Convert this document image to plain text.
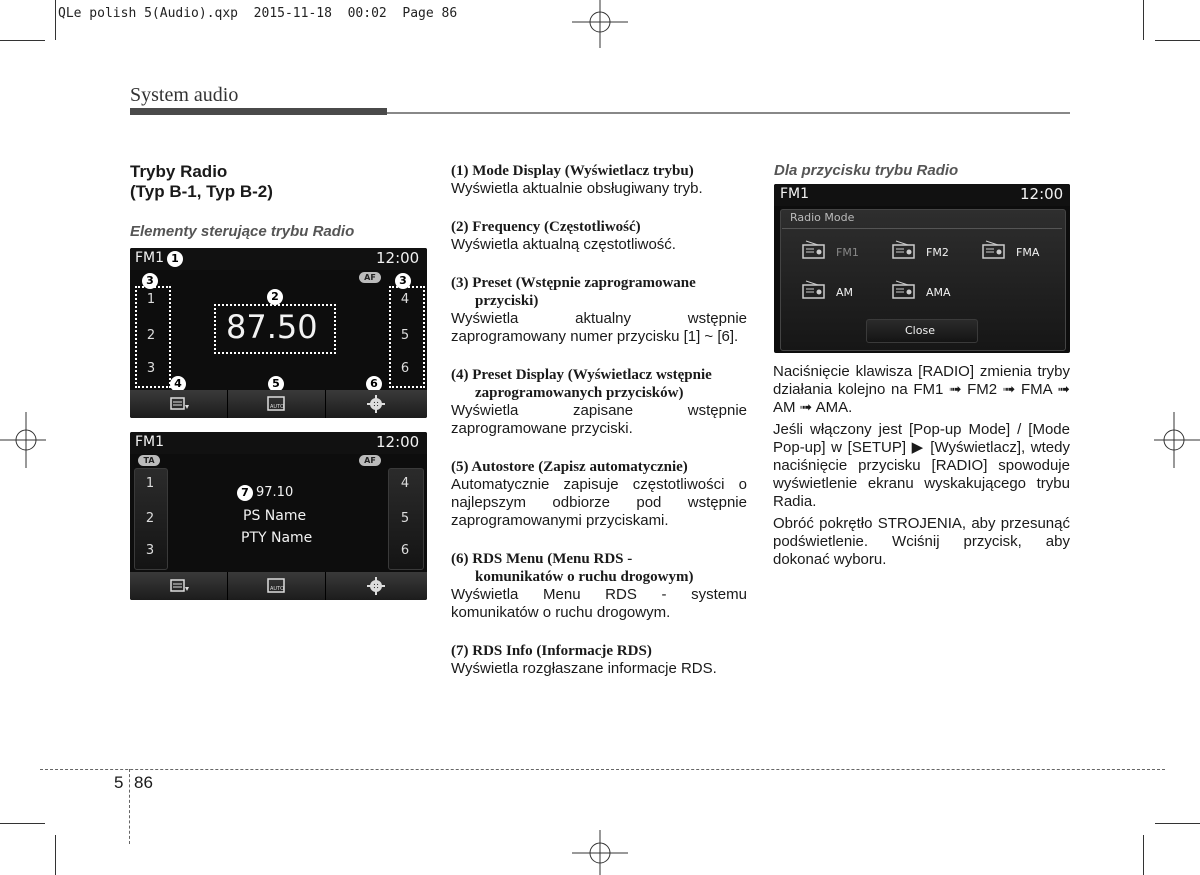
QLe polish 5(Audio).qxp  2015-11-18  00:02  Page 86
System audio
Tryby Radio
(Typ B-1, Typ B-2)
Elementy sterujące trybu Radio
FM1 1	12:00
AF
3	3
1
2
3
4
5
6
2
87.50
4	5	6
AUTO
FM1	12:00
TA	AF
1
2
3
4
5
6
7 97.10
PS Name
PTY Name
AUTO
(1) Mode Display (Wyświetlacz trybu)
Wyświetla aktualnie obsługiwany tryb.
(2) Frequency (Częstotliwość)
Wyświetla aktualną częstotliwość.
(3) Preset (Wstępnie zaprogramowane
przyciski)
Wyświetla aktualny wstępnie zaprogramowany numer przycisku [1] ~ [6].
(4) Preset Display (Wyświetlacz wstępnie
zaprogramowanych przycisków)
Wyświetla zapisane wstępnie zaprogramowane przyciski.
(5) Autostore (Zapisz automatycznie)
Automatycznie zapisuje częstotliwości o najlepszym odbiorze pod wstępnie zaprogramowanymi przyciskami.
(6) RDS Menu (Menu RDS -
komunikatów o ruchu drogowym)
Wyświetla Menu RDS - systemu komunikatów o ruchu drogowym.
(7) RDS Info (Informacje RDS)
Wyświetla rozgłaszane informacje RDS.
Dla przycisku trybu Radio
FM1	12:00
Radio Mode
FM1	FM2	FMA
AM	AMA
Close

Naciśnięcie klawisza [RADIO] zmienia tryby działania kolejno na FM1 ➟ FM2 ➟ FMA ➟ AM ➟ AMA.

Jeśli włączony jest [Pop-up Mode] / [Mode Pop-up] w [SETUP] ▶ [Wyświetlacz], wtedy naciśnięcie przycisku [RADIO] spowoduje wyświetlenie ekranu wyskakującego trybu Radia.

Obróć pokrętło STROJENIA, aby przesunąć podświetlenie. Wciśnij przycisk, aby dokonać wyboru.

5 86
